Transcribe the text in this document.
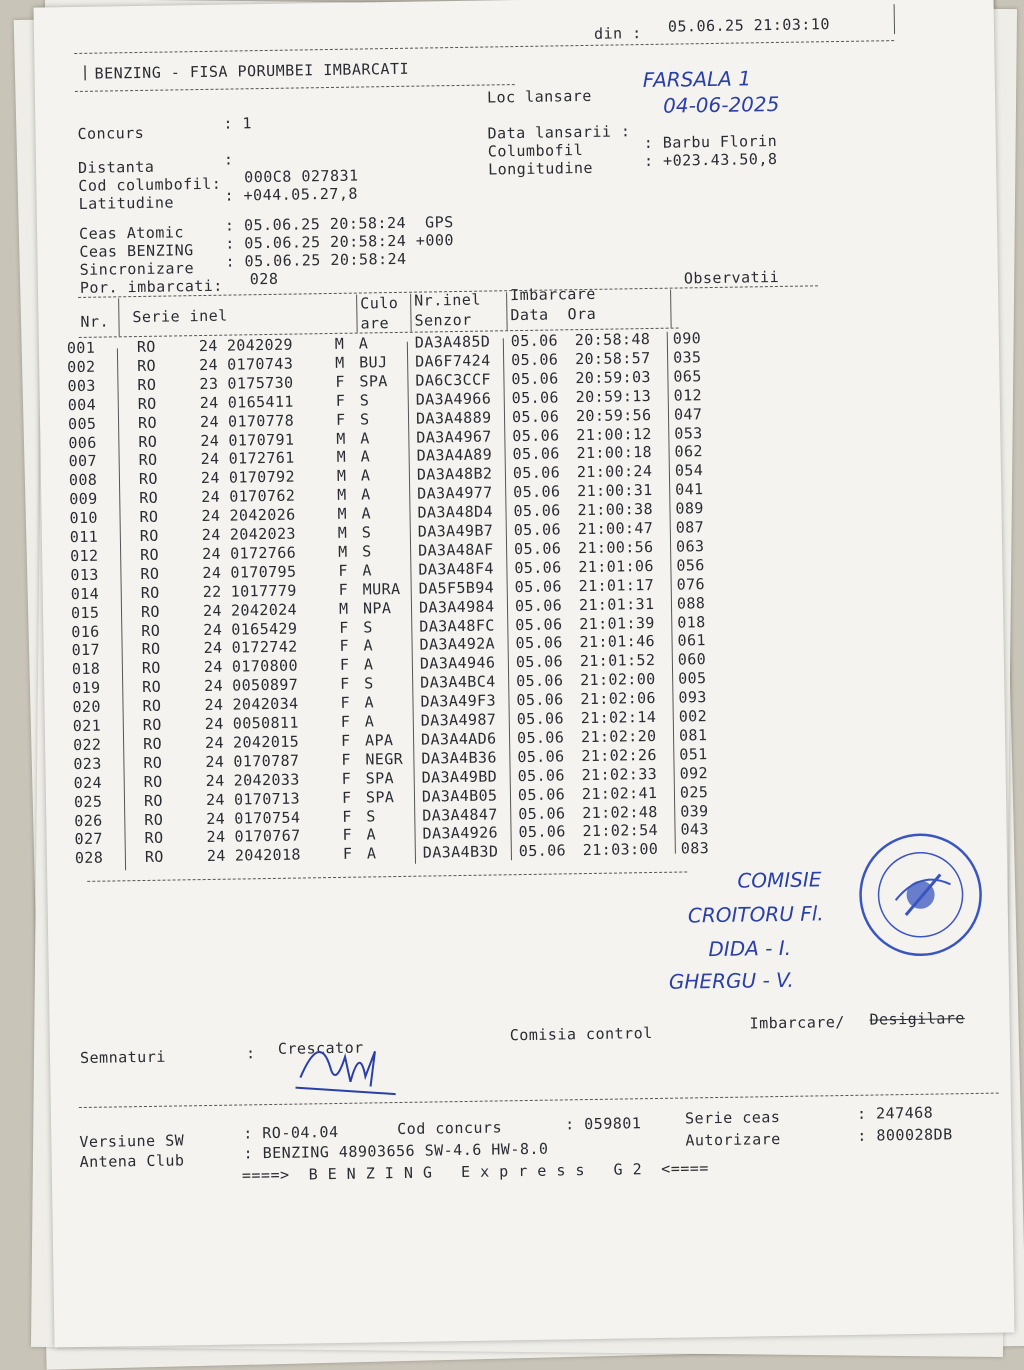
din : 05.06.25 21:03:10
| BENZING - FISA PORUMBEI IMBARCATI
Loc lansare
FARSALA 1
Concurs
: 1
04-06-2025
Data lansarii :
Distanta	:	Columbofil	: Barbu Florin
Cod columbofil: 000C8 027831	Longitudine	: +023.43.50,8
Latitudine	: +044.05.27,8
Ceas Atomic	: 05.06.25 20:58:24  GPS
Ceas BENZING : 05.06.25 20:58:24 +000
Sincronizare : 05.06.25 20:58:24
Por. imbarcati: 028
Nr. Serie inel
Culo
are
Nr.inel
Senzor
Imbarcare
Data  Ora
Observatii
001	RO	24 2042029	M A	DA3A485D 05.06 20:58:48 090
002	RO	24 0170743	M BUJ DA6F7424 05.06 20:58:57 035
003	RO	23 0175730	F SPA DA6C3CCF 05.06 20:59:03 065
004	RO	24 0165411	F S	DA3A4966 05.06 20:59:13 012
005	RO	24 0170778	F S	DA3A4889 05.06 20:59:56 047
006	RO	24 0170791	M A	DA3A4967 05.06 21:00:12 053
007	RO	24 0172761	M A	DA3A4A89 05.06 21:00:18 062
008	RO	24 0170792	M A	DA3A48B2 05.06 21:00:24 054
009	RO	24 0170762	M A	DA3A4977 05.06 21:00:31 041
010	RO	24 2042026	M A	DA3A48D4 05.06 21:00:38 089
011	RO	24 2042023	M S	DA3A49B7 05.06 21:00:47 087
012	RO	24 0172766	M S	DA3A48AF 05.06 21:00:56 063
013	RO	24 0170795	F A	DA3A48F4 05.06 21:01:06 056
014	RO	22 1017779	F MURA DA5F5B94 05.06 21:01:17 076
015	RO	24 2042024	M NPA DA3A4984 05.06 21:01:31 088
016	RO	24 0165429	F S	DA3A48FC 05.06 21:01:39 018
017	RO	24 0172742	F A	DA3A492A 05.06 21:01:46 061
018	RO	24 0170800	F A	DA3A4946 05.06 21:01:52 060
019	RO	24 0050897	F S	DA3A4BC4 05.06 21:02:00 005
020	RO	24 2042034	F A	DA3A49F3 05.06 21:02:06 093
021	RO	24 0050811	F A	DA3A4987 05.06 21:02:14 002
022	RO	24 2042015	F APA DA3A4AD6 05.06 21:02:20 081
023	RO	24 0170787	F NEGR DA3A4B36 05.06 21:02:26 051
024	RO	24 2042033	F SPA DA3A49BD 05.06 21:02:33 092
025	RO	24 0170713	F SPA DA3A4B05 05.06 21:02:41 025
026	RO	24 0170754	F S	DA3A4847 05.06 21:02:48 039
027	RO	24 0170767	F A	DA3A4926 05.06 21:02:54 043
028	RO	24 2042018	F A	DA3A4B3D 05.06 21:03:00 083
COMISIE
CROITORU Fl.
DIDA - I.
GHERGU - V.
Semnaturi	: Crescator
Comisia control
Imbarcare/ Desigilare
Versiune SW	: RO-04.04	Cod concurs	: 059801	Serie ceas	: 247468
Antena Club	: BENZING 48903656 SW-4.6 HW-8.0	Autorizare	: 800028DB
====>  B E N Z I N G   E x p r e s s   G 2  <====
